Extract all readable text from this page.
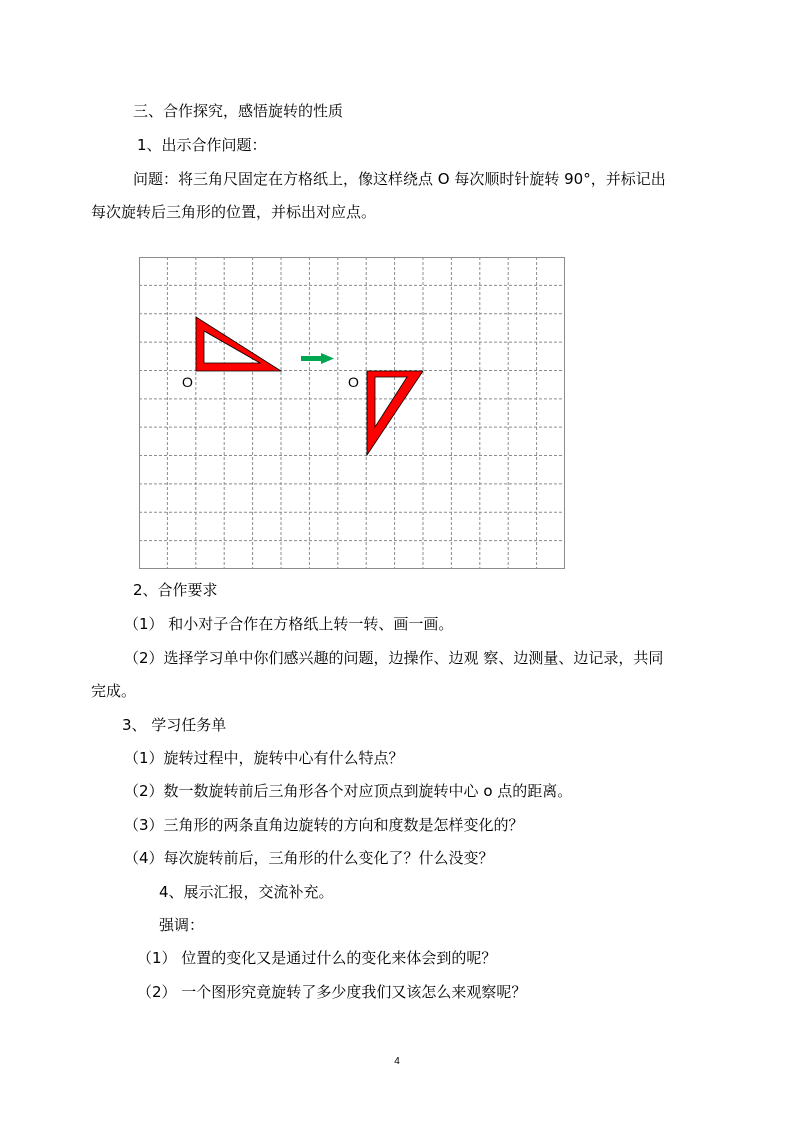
三、合作探究，感悟旋转的性质
1、出示合作问题：
问题：将三角尺固定在方格纸上，像这样绕点 O 每次顺时针旋转 90°，并标记出
每次旋转后三角形的位置，并标出对应点。
O	O
2、合作要求
（1） 和小对子合作在方格纸上转一转、画一画。
（2）选择学习单中你们感兴趣的问题，边操作、边观 察、边测量、边记录，共同
完成。
3、 学习任务单
（1）旋转过程中，旋转中心有什么特点？
（2）数一数旋转前后三角形各个对应顶点到旋转中心 o 点的距离。
（3）三角形的两条直角边旋转的方向和度数是怎样变化的？
（4）每次旋转前后，三角形的什么变化了？什么没变？
4、展示汇报，交流补充。
强调：
（1） 位置的变化又是通过什么的变化来体会到的呢？
（2） 一个图形究竟旋转了多少度我们又该怎么来观察呢？
4
